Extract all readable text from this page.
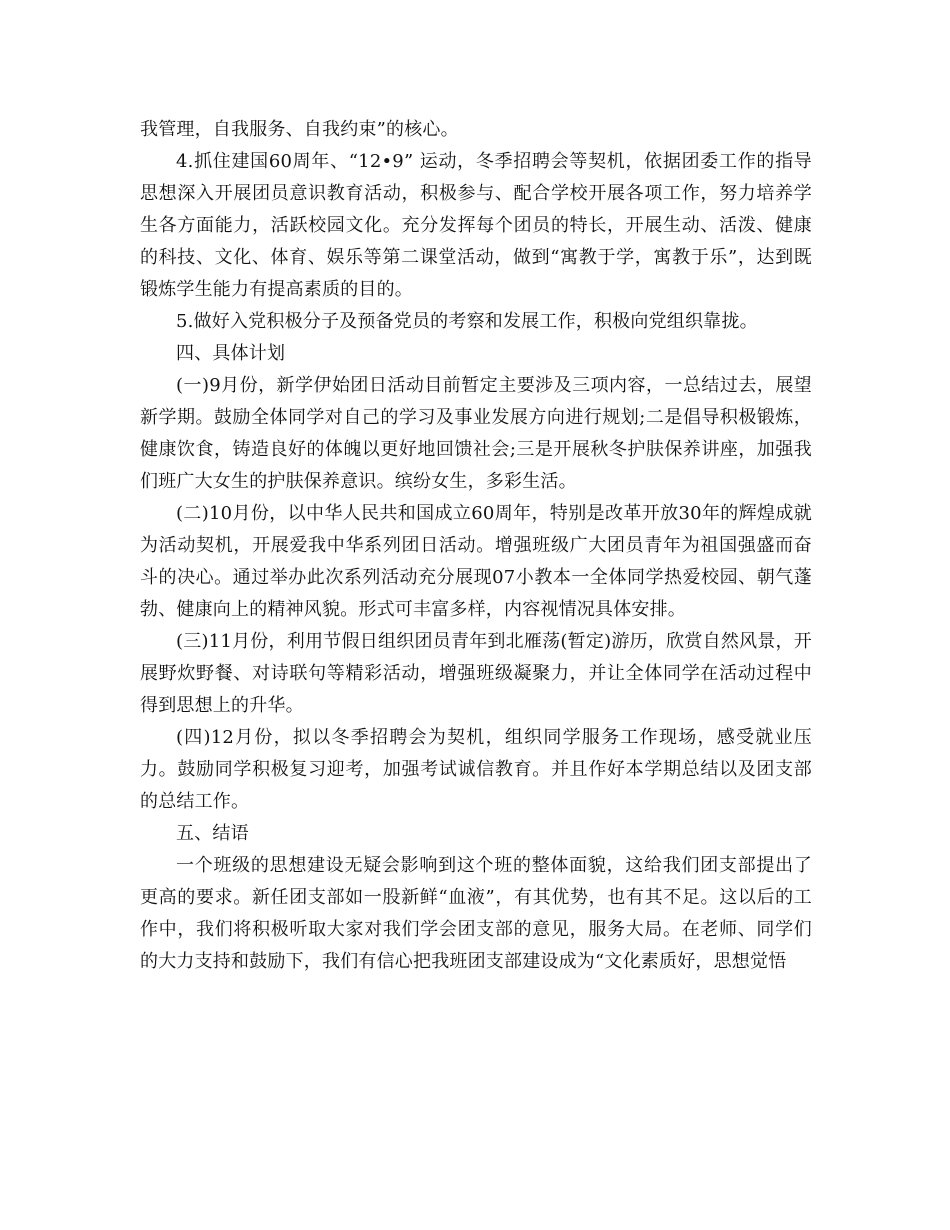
我管理，自我服务、自我约束”的核心。

4.抓住建国60周年、“12•9” 运动，冬季招聘会等契机，依据团委工作的指导思想深入开展团员意识教育活动，积极参与、配合学校开展各项工作，努力培养学生各方面能力，活跃校园文化。充分发挥每个团员的特长，开展生动、活泼、健康的科技、文化、体育、娱乐等第二课堂活动，做到“寓教于学，寓教于乐”，达到既锻炼学生能力有提高素质的目的。

5.做好入党积极分子及预备党员的考察和发展工作，积极向党组织靠拢。

四、具体计划

(一)9月份，新学伊始团日活动目前暂定主要涉及三项内容，一总结过去，展望新学期。鼓励全体同学对自己的学习及事业发展方向进行规划;二是倡导积极锻炼，健康饮食，铸造良好的体魄以更好地回馈社会;三是开展秋冬护肤保养讲座，加强我们班广大女生的护肤保养意识。缤纷女生，多彩生活。

(二)10月份，以中华人民共和国成立60周年，特别是改革开放30年的辉煌成就为活动契机，开展爱我中华系列团日活动。增强班级广大团员青年为祖国强盛而奋斗的决心。通过举办此次系列活动充分展现07小教本一全体同学热爱校园、朝气蓬勃、健康向上的精神风貌。形式可丰富多样，内容视情况具体安排。

(三)11月份，利用节假日组织团员青年到北雁荡(暂定)游历，欣赏自然风景，开展野炊野餐、对诗联句等精彩活动，增强班级凝聚力，并让全体同学在活动过程中得到思想上的升华。

(四)12月份，拟以冬季招聘会为契机，组织同学服务工作现场，感受就业压力。鼓励同学积极复习迎考，加强考试诚信教育。并且作好本学期总结以及团支部的总结工作。

五、结语

一个班级的思想建设无疑会影响到这个班的整体面貌，这给我们团支部提出了更高的要求。新任团支部如一股新鲜“血液”，有其优势，也有其不足。这以后的工作中，我们将积极听取大家对我们学会团支部的意见，服务大局。在老师、同学们的大力支持和鼓励下，我们有信心把我班团支部建设成为“文化素质好，思想觉悟
